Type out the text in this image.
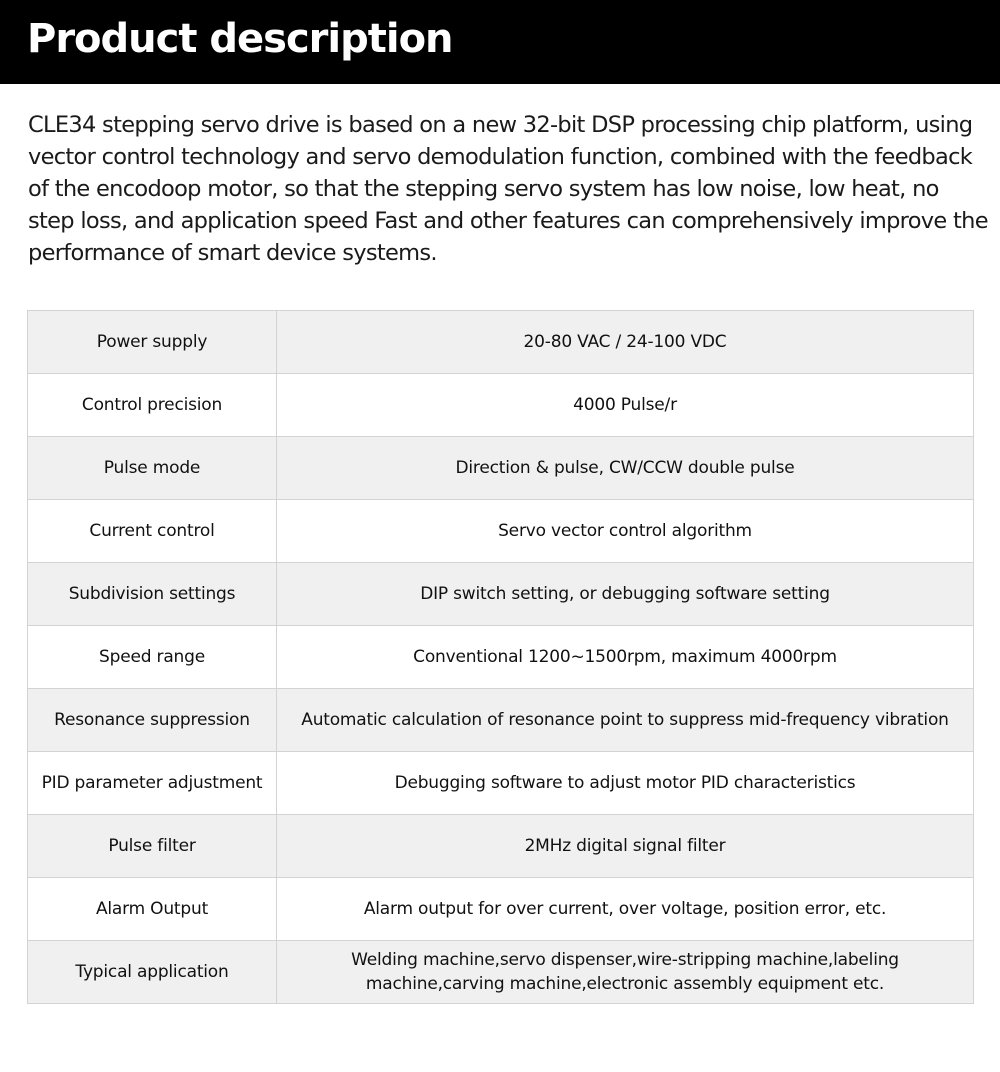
Product description

CLE34 stepping servo drive is based on a new 32-bit DSP processing chip platform, using vector control technology and servo demodulation function, combined with the feedback of the encodoop motor, so that the stepping servo system has low noise, low heat, no step loss, and application speed Fast and other features can comprehensively improve the performance of smart device systems.

Power supply	20-80 VAC / 24-100 VDC
Control precision	4000 Pulse/r
Pulse mode	Direction & pulse, CW/CCW double pulse
Current control	Servo vector control algorithm
Subdivision settings	DIP switch setting, or debugging software setting
Speed range	Conventional 1200~1500rpm, maximum 4000rpm
Resonance suppression	Automatic calculation of resonance point to suppress mid-frequency vibration
PID parameter adjustment	Debugging software to adjust motor PID characteristics
Pulse filter	2MHz digital signal filter
Alarm Output	Alarm output for over current, over voltage, position error, etc.
Typical application	Welding machine,servo dispenser,wire-stripping machine,labeling machine,carving machine,electronic assembly equipment etc.
